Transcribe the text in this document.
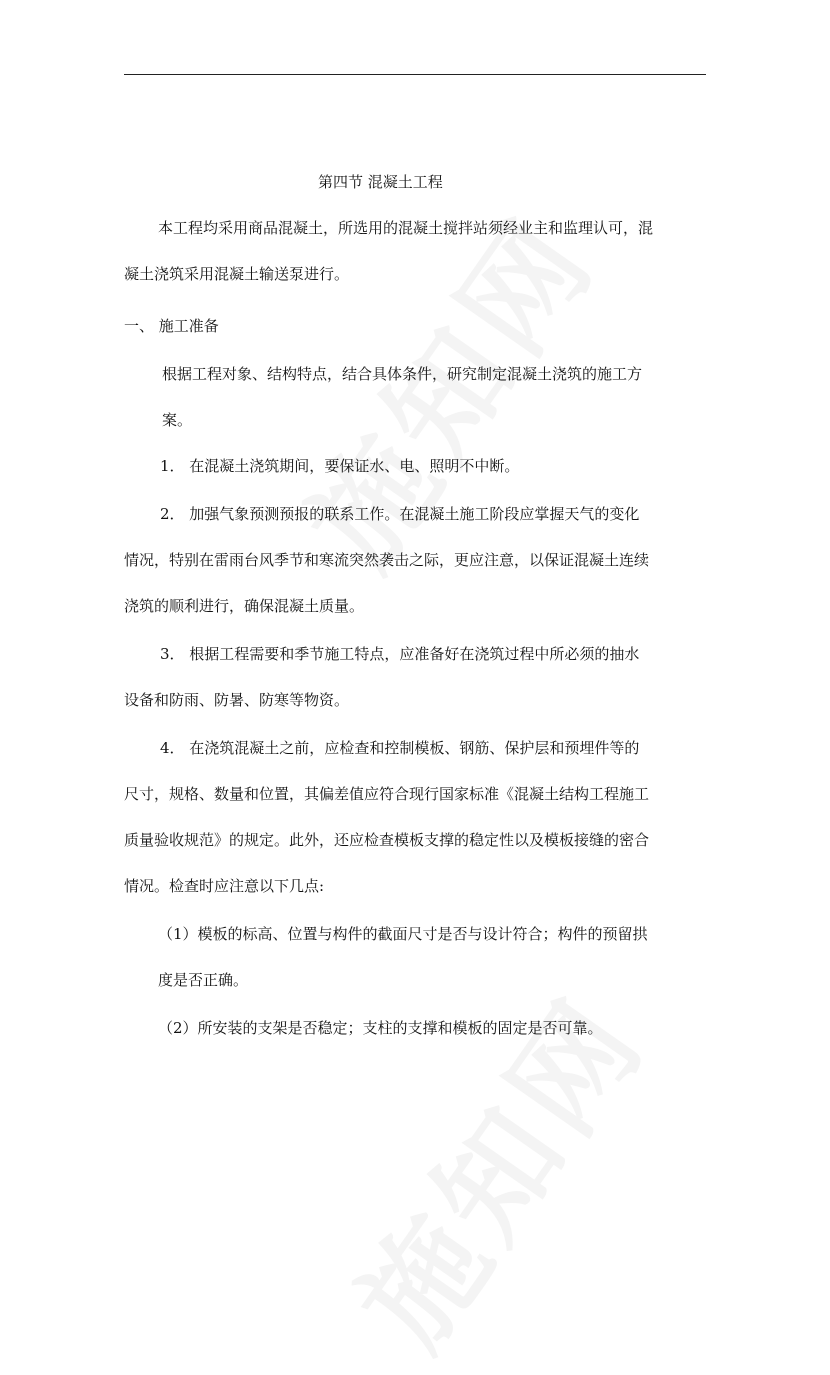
第四节 混凝土工程

本工程均采用商品混凝土，所选用的混凝土搅拌站须经业主和监理认可，混

凝土浇筑采用混凝土输送泵进行。

一、 施工准备

根据工程对象、结构特点，结合具体条件，研究制定混凝土浇筑的施工方

案。

1． 在混凝土浇筑期间，要保证水、电、照明不中断。

2． 加强气象预测预报的联系工作。在混凝土施工阶段应掌握天气的变化

情况，特别在雷雨台风季节和寒流突然袭击之际，更应注意，以保证混凝土连续

浇筑的顺利进行，确保混凝土质量。

3． 根据工程需要和季节施工特点，应准备好在浇筑过程中所必须的抽水

设备和防雨、防暑、防寒等物资。

4． 在浇筑混凝土之前，应检查和控制模板、钢筋、保护层和预埋件等的

尺寸，规格、数量和位置，其偏差值应符合现行国家标准《混凝土结构工程施工

质量验收规范》的规定。此外，还应检查模板支撑的稳定性以及模板接缝的密合

情况。检查时应注意以下几点:

（1）模板的标高、位置与构件的截面尺寸是否与设计符合；构件的预留拱

度是否正确。

（2）所安装的支架是否稳定；支柱的支撑和模板的固定是否可靠。
